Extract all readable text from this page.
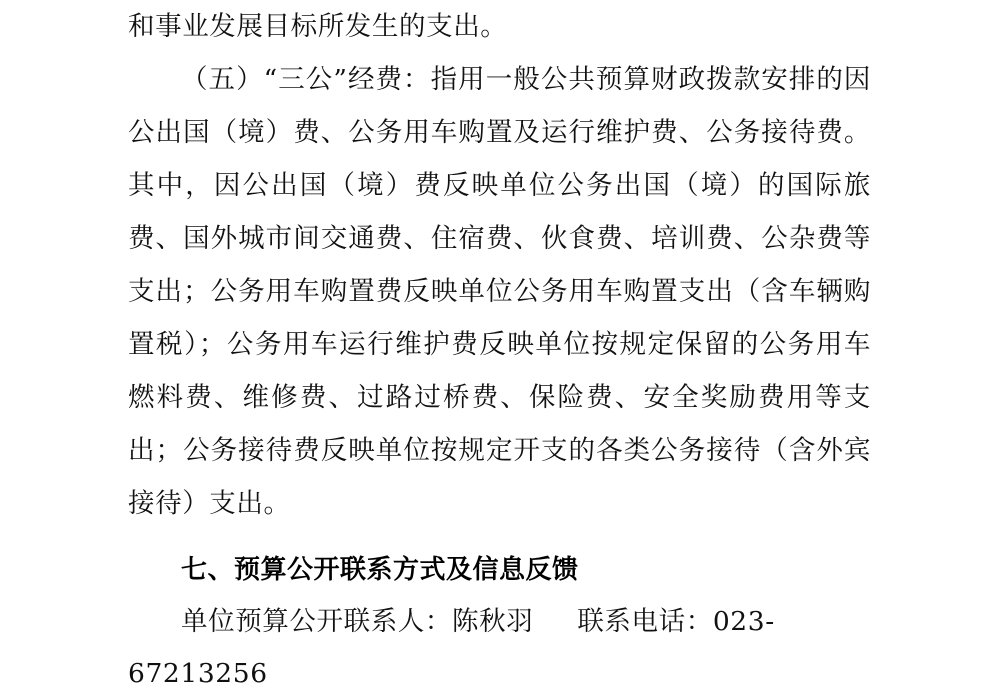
和事业发展目标所发生的支出。

（五）“三公”经费：指用一般公共预算财政拨款安排的因公出国（境）费、公务用车购置及运行维护费、公务接待费。其中，因公出国（境）费反映单位公务出国（境）的国际旅费、国外城市间交通费、住宿费、伙食费、培训费、公杂费等支出；公务用车购置费反映单位公务用车购置支出（含车辆购置税）；公务用车运行维护费反映单位按规定保留的公务用车燃料费、维修费、过路过桥费、保险费、安全奖励费用等支出；公务接待费反映单位按规定开支的各类公务接待（含外宾接待）支出。

七、预算公开联系方式及信息反馈

单位预算公开联系人：陈秋羽 联系电话：023-67213256
